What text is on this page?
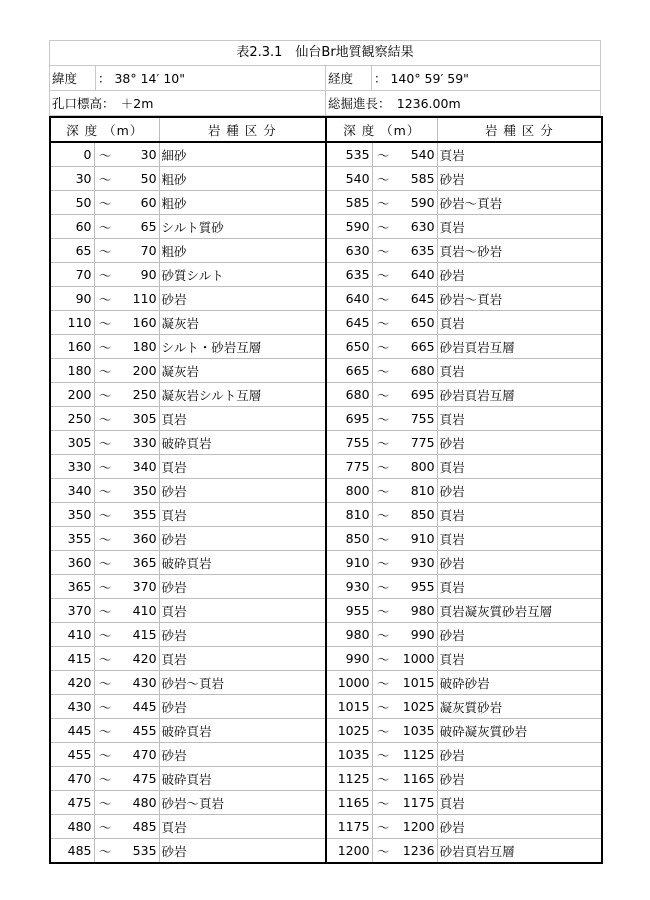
表2.3.1　仙台Br地質観察結果
緯度	： 38° 14′ 10"	経度	： 140° 59′ 59"
孔口標高：　＋2m	総掘進長：　1236.00m
深 度 （m）			岩 種 区 分	深 度 （m）			岩 種 区 分
0	～	30	細砂	535	～	540	頁岩
30	～	50	粗砂	540	～	585	砂岩
50	～	60	粗砂	585	～	590	砂岩～頁岩
60	～	65	シルト質砂	590	～	630	頁岩
65	～	70	粗砂	630	～	635	頁岩～砂岩
70	～	90	砂質シルト	635	～	640	砂岩
90	～	110	砂岩	640	～	645	砂岩～頁岩
110	～	160	凝灰岩	645	～	650	頁岩
160	～	180	シルト・砂岩互層	650	～	665	砂岩頁岩互層
180	～	200	凝灰岩	665	～	680	頁岩
200	～	250	凝灰岩シルト互層	680	～	695	砂岩頁岩互層
250	～	305	頁岩	695	～	755	頁岩
305	～	330	破砕頁岩	755	～	775	砂岩
330	～	340	頁岩	775	～	800	頁岩
340	～	350	砂岩	800	～	810	砂岩
350	～	355	頁岩	810	～	850	頁岩
355	～	360	砂岩	850	～	910	頁岩
360	～	365	破砕頁岩	910	～	930	砂岩
365	～	370	砂岩	930	～	955	頁岩
370	～	410	頁岩	955	～	980	頁岩凝灰質砂岩互層
410	～	415	砂岩	980	～	990	砂岩
415	～	420	頁岩	990	～	1000	頁岩
420	～	430	砂岩～頁岩	1000	～	1015	破砕砂岩
430	～	445	砂岩	1015	～	1025	凝灰質砂岩
445	～	455	破砕頁岩	1025	～	1035	破砕凝灰質砂岩
455	～	470	砂岩	1035	～	1125	砂岩
470	～	475	破砕頁岩	1125	～	1165	砂岩
475	～	480	砂岩～頁岩	1165	～	1175	頁岩
480	～	485	頁岩	1175	～	1200	砂岩
485	～	535	砂岩	1200	～	1236	砂岩頁岩互層
